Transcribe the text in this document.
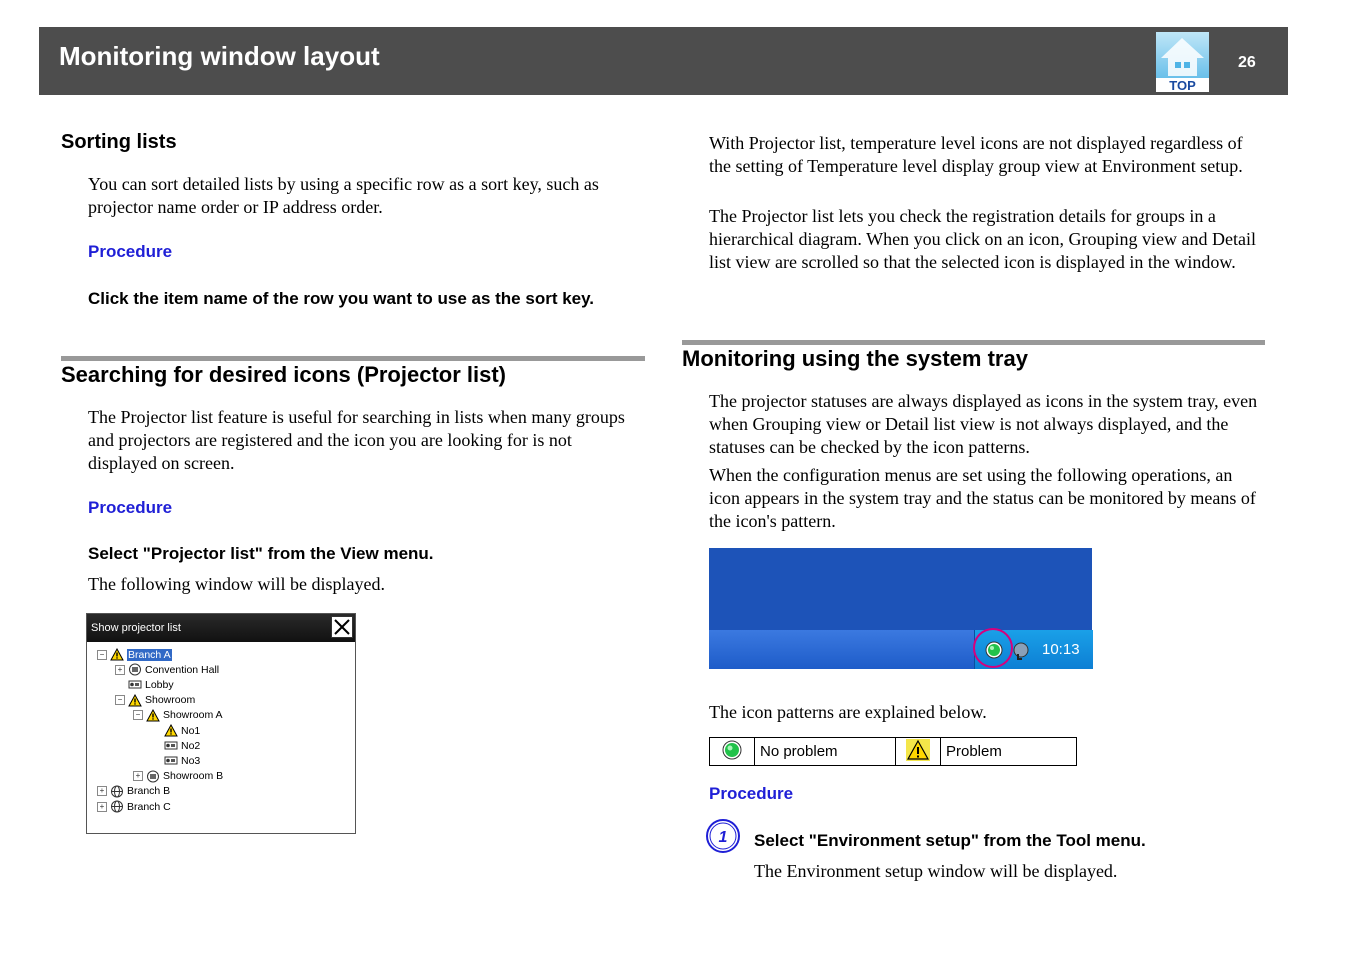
Monitoring window layout
TOP
26
Sorting lists
You can sort detailed lists by using a specific row as a sort key, such as projector name order or IP address order.
Procedure
Click the item name of the row you want to use as the sort key.
Searching for desired icons (Projector list)
The Projector list feature is useful for searching in lists when many groups and projectors are registered and the icon you are looking for is not displayed on screen.
Procedure
Select "Projector list" from the View menu.
The following window will be displayed.
Show projector list
− Branch A
+ Convention Hall
Lobby
− Showroom
− Showroom A
No1
No2
No3
+ Showroom B
+ Branch B
+ Branch C
With Projector list, temperature level icons are not displayed regardless of the setting of Temperature level display group view at Environment setup.
The Projector list lets you check the registration details for groups in a hierarchical diagram. When you click on an icon, Grouping view and Detail list view are scrolled so that the selected icon is displayed in the window.
Monitoring using the system tray
The projector statuses are always displayed as icons in the system tray, even when Grouping view or Detail list view is not always displayed, and the statuses can be checked by the icon patterns.
When the configuration menus are set using the following operations, an icon appears in the system tray and the status can be monitored by means of the icon's pattern.
10:13
The icon patterns are explained below.
	No problem		Problem
Procedure
1 Select "Environment setup" from the Tool menu.
The Environment setup window will be displayed.
